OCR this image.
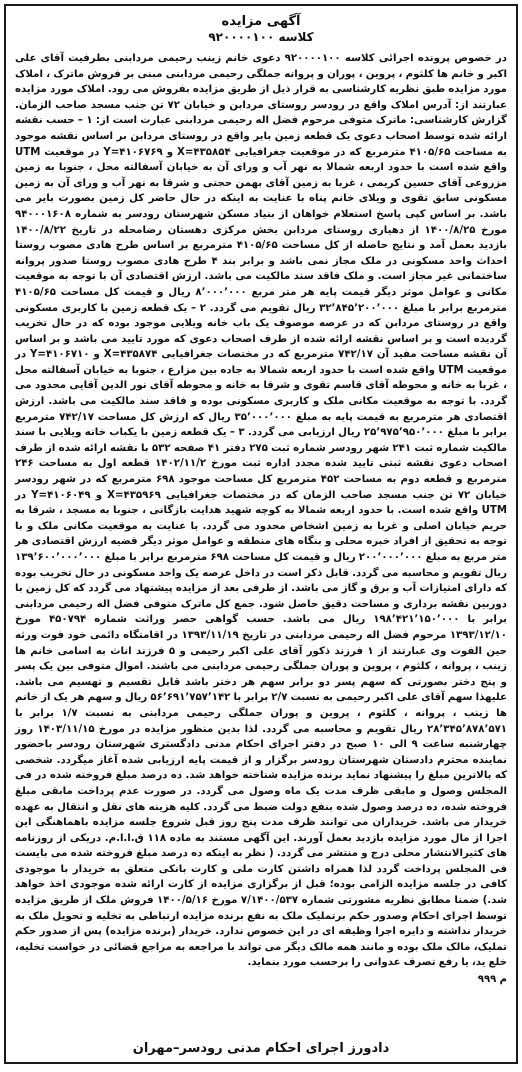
آگهی مزایده

کلاسه ۹۲۰۰۰۰۱۰۰

در خصوص پرونده اجرائی کلاسه ۹۲۰۰۰۰۱۰۰ دعوی خانم زینب رحیمی مردابنی بطرفیت آقای علی اکبر و خانم ها کلثوم ، پروین ، پوران و پروانه جملگی رحیمی مردابنی مبنی بر فروش ماترک ، املاک مورد مزایده طبق نظریه کارشناسی به قرار ذیل از طریق مزایده بفروش می رود. املاک مورد مزایده عبارتند از: آدرس املاک واقع در رودسر روستای مردابن و خیابان ۷۲ تن جنب مسجد صاحب الزمان. گزارش کارشناسی: ماترک متوفی مرحوم فضل اله رحیمی مردابنی عبارت است از: ۱ – حسب نقشه ارائه شده توسط اصحاب دعوی یک قطعه زمین بایر واقع در روستای مردابن بر اساس نقشه موجود به مساحت ۴۱۰۵/۶۵ مترمربع که در موقعیت جغرافیایی X=۴۳۵۸۵۴ و Y=۴۱۰۶۷۶۹ در موقعیت UTM واقع شده است با حدود اربعه شمالا به نهر آب و ورای آن به خیابان آسفالته محل ، جنوبا به زمین مزروعی آقای حسین کریمی ، غربا به زمین آقای بهمن حجتی و شرقا به نهر آب و ورای آن به زمین مسکونی سابق تقوی و ویلای خانم پناه با عنایت به اینکه در حال حاضر کل زمین بصورت بایر می باشد. بر اساس کپی پاسخ استعلام خواهان از بنیاد مسکن شهرستان رودسر به شماره ۹۴۰۰۰۱۶۰۸ مورخ ۱۴۰۰/۸/۲۵ از دهیاری روستای مردابن بخش مرکزی دهستان رضامحله در تاریخ ۱۴۰۰/۸/۲۲ بازدید بعمل آمد و نتایج حاصله از کل مساحت ۴۱۰۵/۶۵ مترمربع بر اساس طرح هادی مصوب روستا احداث واحد مسکونی در ملک مجاز نمی باشد و برابر بند ۴ طرح هادی مصوب روستا صدور پروانه ساختمانی غیر مجاز است. و ملک فاقد سند مالکیت می باشد. ارزش اقتصادی آن با توجه به موقعیت مکانی و عوامل موثر دیگر قیمت پایه هر متر مربع ۸٬۰۰۰٬۰۰۰ ریال و قیمت کل مساحت ۴۱۰۵/۶۵ مترمربع برابر با مبلغ ۳۲٬۸۴۵٬۲۰۰٬۰۰۰ ریال تقویم می گردد. ۲ – یک قطعه زمین با کاربری مسکونی واقع در روستای مردابن که در عرصه موصوف یک باب خانه ویلایی موجود بوده که در حال تخریب گردیده است و بر اساس نقشه ارائه شده از طرف اصحاب دعوی که مورد تایید می باشد و بر اساس آن نقشه مساحت مفید آن ۷۴۲/۱۷ مترمربع که در مختصات جغرافیایی X=۴۳۵۸۷۴ و Y=۴۱۰۶۷۱۰ در موقعیت UTM واقع شده است با حدود اربعه شمالا به جاده بین مزارع ، جنوبا به خیابان آسفالته محل ، غربا به خانه و محوطه آقای قاسم تقوی و شرقا به خانه و محوطه آقای نور الدین آقایی محدود می گردد. با توجه به موقعیت مکانی ملک و کاربری مسکونی بوده و فاقد سند مالکیت می باشد. ارزش اقتصادی هر مترمربع به قیمت پایه به مبلغ ۳۵٬۰۰۰٬۰۰۰ ریال که ارزش کل مساحت ۷۴۲/۱۷ مترمربع برابر با مبلغ ۲۵٬۹۷۵٬۹۵۰٬۰۰۰ ریال ارزیابی می گردد. ۳ – یک قطعه زمین با یکباب خانه ویلایی با سند مالکیت شماره ثبت ۲۴۱ شهر رودسر شماره ثبت ۲۷۵ دفتر ۴۱ صفحه ۵۳۲ با نقشه ارائه شده از طرف اصحاب دعوی نقشه ثبتی تایید شده مجدد اداره ثبت مورخ ۱۴۰۲/۱۱/۲ قطعه اول به مساحت ۲۴۶ مترمربع و قطعه دوم به مساحت ۴۵۲ مترمربع کل مساحت موجود ۶۹۸ مترمربع که در شهر رودسر خیابان ۷۲ تن جنب مسجد صاحب الزمان که در مختصات جغرافیایی X=۴۳۵۹۶۹ و Y=۴۱۰۶۰۴۹ در UTM واقع شده است. با حدود اربعه شمالا به کوچه شهید هدایت بازگانی ، جنوبا به مسجد ، شرقا به حریم خیابان اصلی و غربا به زمین اشخاص محدود می گردد. با عنایت به موقعیت مکانی ملک و با توجه به تحقیق از افراد خبره محلی و بنگاه های منطقه و عوامل موثر دیگر قضیه ارزش اقتصادی هر متر مربع به مبلغ ۲۰۰٬۰۰۰٬۰۰۰ ریال و قیمت کل مساحت ۶۹۸ مترمربع برابر با مبلغ ۱۳۹٬۶۰۰٬۰۰۰٬۰۰۰ ریال تقویم و محاسبه می گردد. قابل ذکر است در داخل عرصه یک واحد مسکونی در حال تخریب بوده که دارای امتیازات آب و برق و گاز می باشد. از طرفی بعد از مزایده پیشنهاد می گردد که کل زمین با دوربین نقشه برداری و مساحت دقیق حاصل شود. جمع کل ماترک متوفی فضل اله رحیمی مردابنی برابر با ۱۹۸٬۴۲۱٬۱۵۰٬۰۰۰ ریال می باشد. حسب گواهی حصر وراثت شماره ۴۵۰۷۹۴ مورخ ۱۳۹۳/۱۲/۱۰ مرحوم فضل اله رحیمی مردابنی در تاریخ ۱۳۹۳/۱۱/۱۹ در اقامتگاه دائمی خود فوت ورثه حین الفوت وی عبارتند از ۱ فرزند ذکور آقای علی اکبر رحیمی و ۵ فرزند اناث به اسامی خانم ها زینب ، پروانه ، کلثوم ، پروین و پوران جملگی رحیمی مردابنی می باشند. اموال متوفی بین یک پسر و پنج دختر بصورتی که سهم پسر دو برابر سهم هر دختر باشد قابل تقسیم و تهسیم می باشد. علیهذا سهم آقای علی اکبر رحیمی به نسبت ۲/۷ برابر با ۵۶٬۶۹۱٬۷۵۷٬۱۴۲ ریال و سهم هر یک از خانم ها زینب ، پروانه ، کلثوم ، پروین و پوران جملگی رحیمی مردابنی به نسبت ۱/۷ برابر با ۲۸٬۳۴۵٬۸۷۸٬۵۷۱ ریال تقویم و محاسبه می گردد. لذا بدین منظور مزایده در مورخ ۱۴۰۳/۱۱/۱۵ روز چهارشنبه ساعت ۹ الی ۱۰ صبح در دفتر اجرای احکام مدنی دادگستری شهرستان رودسر باحضور نماینده محترم دادستان شهرستان رودسر برگزار و از قیمت پایه ارزیابی شده آغاز میگردد. شخصی که بالاترین مبلغ را پیشنهاد نماید برنده مزایده شناخته خواهد شد. ده درصد مبلغ فروخته شده در فی المجلس وصول و مابقی ظرف مدت یک ماه وصول می گردد. در صورت عدم پرداخت مابقی مبلغ فروخته شده، ده درصد وصول شده بنفع دولت ضبط می گردد. کلیه هزینه های نقل و انتقال به عهده خریدار می باشد. خریداران می توانند ظرف مدت پنج روز قبل شروع جلسه مزایده باهماهنگی این اجرا از مال مورد مزایده بازدید بعمل آورند. این آگهی مستند به ماده ۱۱۸ ق.ا.ا.م. دریکی از روزنامه های کثیرالانتشار محلی درج و منتشر می گردد. ( نظر به اینکه ده درصد مبلغ فروخته شده می بایست فی المجلس پرداخت گردد لذا همراه داشتن کارت ملی و کارت بانکی متعلق به خریدار با موجودی کافی در جلسه مزایده الزامی بوده؛ قبل از برگزاری مزایده از کارت ارائه شده موجودی اخذ خواهد شد.) ضمنا مطابق نظریه مشورتی شماره ۷/۱۴۰۰/۵۳۷ مورخ ۱۴۰۰/۵/۱۶ فروش ملک از طریق مزایده توسط اجرای احکام وصدور حکم برتملیک ملک به نفع برنده مزایده ارتباطی به تخلیه و تحویل ملک به خریدار نداشته و دایره اجرا وظیفه ای در این خصوص ندارد. خریدار (برنده مزایده) پس از صدور حکم تملیک، مالک ملک بوده و مانند همه مالک دیگر می تواند با مراجعه به مراجع قضائی در خواست تخلیه، خلع ید، یا رفع تصرف عدوانی را برحسب مورد بنماید.

م ۹۹۹
دادورز اجرای احکام مدنی رودسر–مهران
